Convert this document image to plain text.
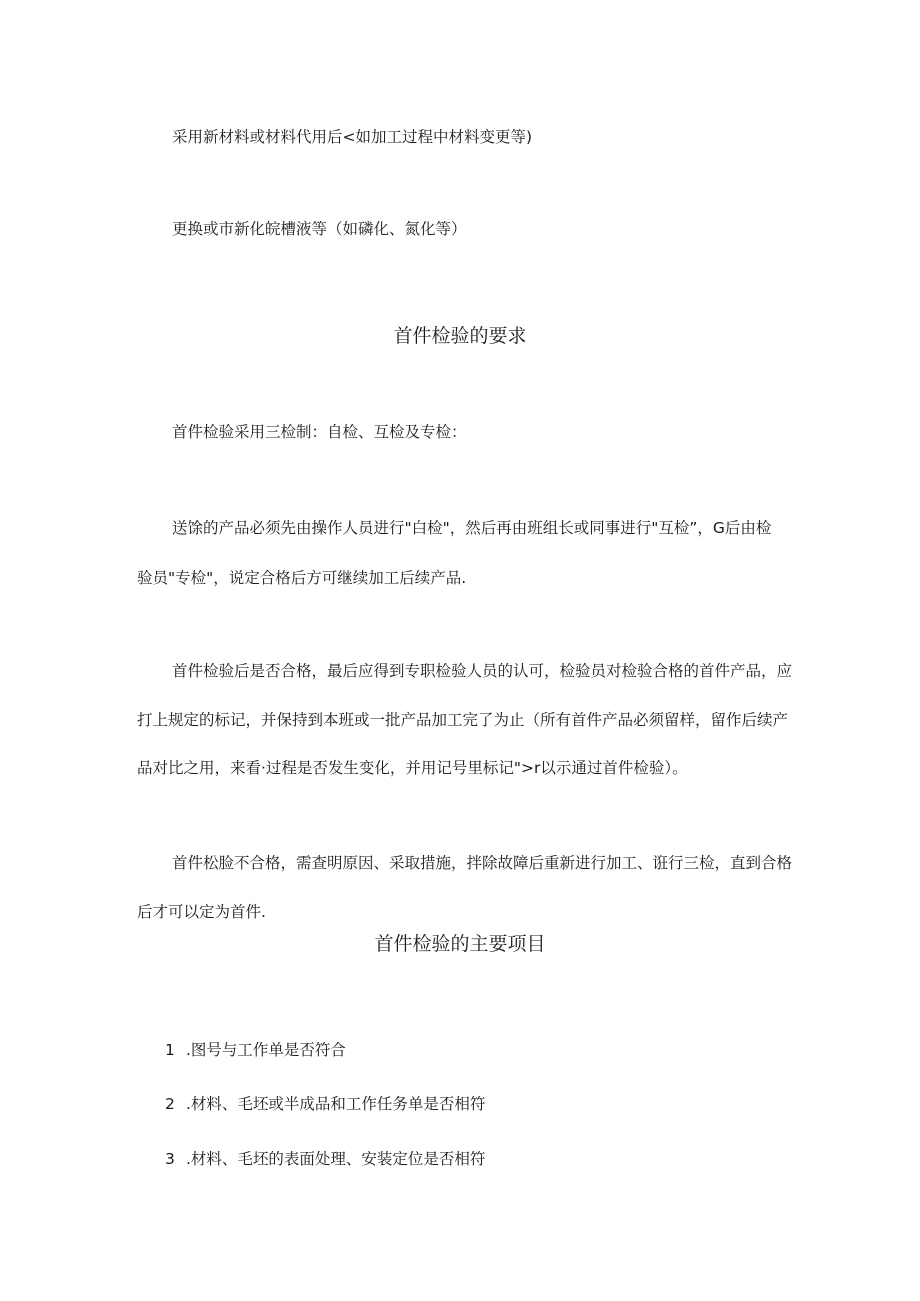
采用新材料或材料代用后<如加工过程中材料变更等)
更换或市新化皖槽液等（如磷化、氮化等）
首件检验的要求
首件检验采用三检制：自检、互检及专检：
送馀的产品必须先由操作人员进行"白检"，然后再由班组长或同事进行"互检”，G后由检
验员"专检"，说定合格后方可继续加工后续产品.
首件检验后是否合格，最后应得到专职检验人员的认可，检验员对检验合格的首件产品，应
打上规定的标记，并保持到本班或一批产品加工完了为止（所有首件产品必须留样，留作后续产
品对比之用，来看·过程是否发生变化，并用记号里标记">r以示通过首件检验）。
首件松脸不合格，需查明原因、采取措施，拌除故障后重新进行加工、诳行三检，直到合格
后才可以定为首件.
首件检验的主要项目
1 .图号与工作单是否符合
2 .材料、毛坯或半成品和工作任务单是否相符
3 .材料、毛坯的表面处理、安装定位是否相符
